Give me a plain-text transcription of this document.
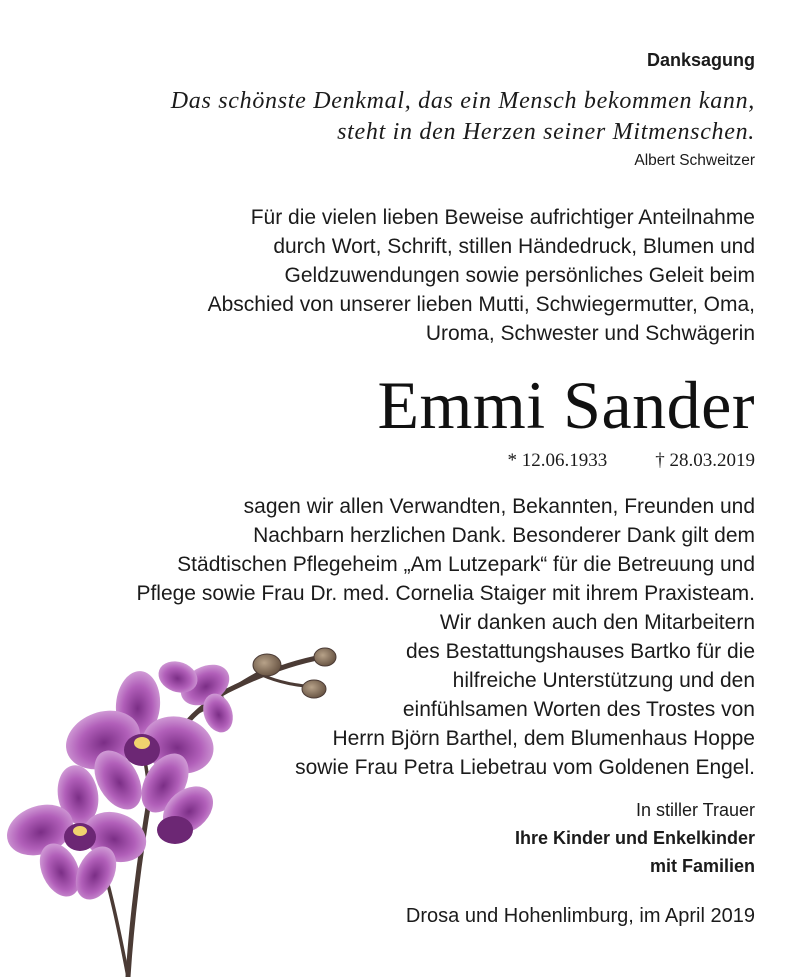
Danksagung
Das schönste Denkmal, das ein Mensch bekommen kann,
steht in den Herzen seiner Mitmenschen.
Albert Schweitzer
Für die vielen lieben Beweise aufrichtiger Anteilnahme
durch Wort, Schrift, stillen Händedruck, Blumen und
Geldzuwendungen sowie persönliches Geleit beim
Abschied von unserer lieben Mutti, Schwiegermutter, Oma,
Uroma, Schwester und Schwägerin
Emmi Sander
* 12.06.1933	† 28.03.2019
sagen wir allen Verwandten, Bekannten, Freunden und
Nachbarn herzlichen Dank. Besonderer Dank gilt dem
Städtischen Pflegeheim „Am Lutzepark“ für die Betreuung und
Pflege sowie Frau Dr. med. Cornelia Staiger mit ihrem Praxisteam.
Wir danken auch den Mitarbeitern
des Bestattungshauses Bartko für die
hilfreiche Unterstützung und den
einfühlsamen Worten des Trostes von
Herrn Björn Barthel, dem Blumenhaus Hoppe
sowie Frau Petra Liebetrau vom Goldenen Engel.
In stiller Trauer
Ihre Kinder und Enkelkinder
mit Familien
Drosa und Hohenlimburg, im April 2019
